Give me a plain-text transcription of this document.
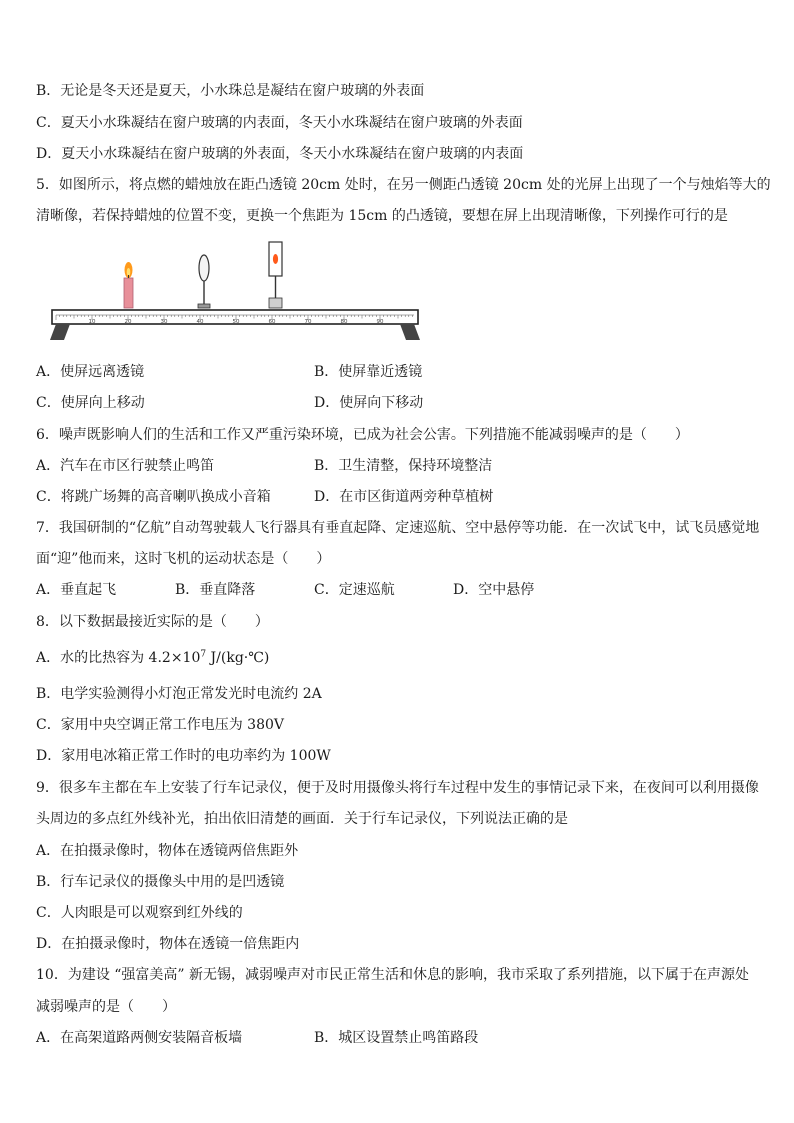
B．无论是冬天还是夏天，小水珠总是凝结在窗户玻璃的外表面
C．夏天小水珠凝结在窗户玻璃的内表面，冬天小水珠凝结在窗户玻璃的外表面
D．夏天小水珠凝结在窗户玻璃的外表面，冬天小水珠凝结在窗户玻璃的内表面
5．如图所示，将点燃的蜡烛放在距凸透镜 20cm 处时，在另一侧距凸透镜 20cm 处的光屏上出现了一个与烛焰等大的
清晰像，若保持蜡烛的位置不变，更换一个焦距为 15cm 的凸透镜，要想在屏上出现清晰像，下列操作可行的是
10	20	30	40	50	60	70	80	90
A．使屏远离透镜	B．使屏靠近透镜
C．使屏向上移动	D．使屏向下移动
6．噪声既影响人们的生活和工作又严重污染环境，已成为社会公害。下列措施不能减弱噪声的是（　　）
A．汽车在市区行驶禁止鸣笛	B．卫生清整，保持环境整洁
C．将跳广场舞的高音喇叭换成小音箱	D．在市区街道两旁种草植树
7．我国研制的“亿航”自动驾驶载人飞行器具有垂直起降、定速巡航、空中悬停等功能．在一次试飞中，试飞员感觉地
面“迎”他而来，这时飞机的运动状态是（　　）
A．垂直起飞	B．垂直降落	C．定速巡航	D．空中悬停
8．以下数据最接近实际的是（　　）
A．水的比热容为 $4.2\times 10^7$ J/(kg·℃)
B．电学实验测得小灯泡正常发光时电流约 2A
C．家用中央空调正常工作电压为 380V
D．家用电冰箱正常工作时的电功率约为 100W
9．很多车主都在车上安装了行车记录仪，便于及时用摄像头将行车过程中发生的事情记录下来，在夜间可以利用摄像
头周边的多点红外线补光，拍出依旧清楚的画面．关于行车记录仪，下列说法正确的是
A．在拍摄录像时，物体在透镜两倍焦距外
B．行车记录仪的摄像头中用的是凹透镜
C．人肉眼是可以观察到红外线的
D．在拍摄录像时，物体在透镜一倍焦距内
10．为建设 “强富美高” 新无锡，减弱噪声对市民正常生活和休息的影响，我市采取了系列措施，以下属于在声源处
减弱噪声的是（　　）
A．在高架道路两侧安装隔音板墙	B．城区设置禁止鸣笛路段
